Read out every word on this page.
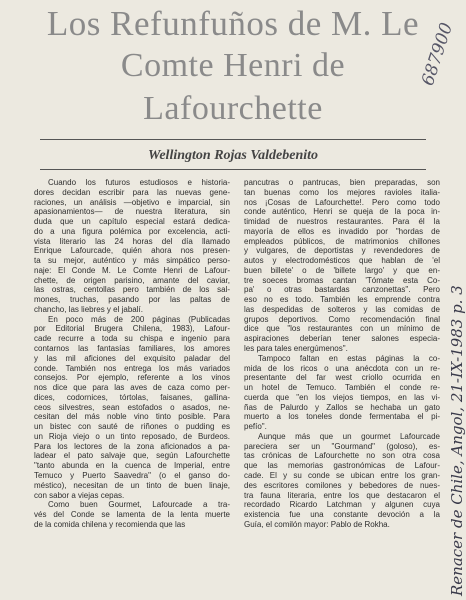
Los Refunfuños de M. Le
Comte Henri de
Lafourchette
Wellington Rojas Valdebenito
Cuando los futuros estudiosos e historia-
dores decidan escribir para las nuevas gene-
raciones, un análisis —objetivo e imparcial, sin
apasionamientos— de nuestra literatura, sin
duda que un capítulo especial estará dedica-
do a una figura polémica por excelencia, acti-
vista literario las 24 horas del día llamado
Enrique Lafourcade, quién ahora nos presen-
ta su mejor, auténtico y más simpático perso-
naje: El Conde M. Le Comte Henri de Lafour-
chette, de origen parisino, amante del caviar,
las ostras, centollas pero también de los sal-
mones, truchas, pasando por las paltas de
chancho, las liebres y el jabalí.
En poco más de 200 páginas (Publicadas
por Editorial Brugera Chilena, 1983), Lafour-
cade recurre a toda su chispa e ingenio para
contarnos las fantasías familiares, los amores
y las mil aficiones del exquisito paladar del
conde. También nos entrega los más variados
consejos. Por ejemplo, referente a los vinos
nos dice que para las aves de caza como per-
dices, codornices, tórtolas, faisanes, gallina-
ceos silvestres, sean estofados o asados, ne-
cesitan del más noble vino tinto posible. Para
un bistec con sauté de riñones o pudding es
un Rioja viejo o un tinto reposado, de Burdeos.
Para los lectores de la zona aficionados a pa-
ladear el pato salvaje que, según Lafourchette
"tanto abunda en la cuenca de Imperial, entre
Temuco y Puerto Saavedra" (o el ganso do-
méstico), necesitan de un tinto de buen linaje,
con sabor a viejas cepas.
Como buen Gourmet, Lafourcade a tra-
vés del Conde se lamenta de la lenta muerte
de la comida chilena y recomienda que las
pancutras o pantrucas, bien preparadas, son
tan buenas como los mejores ravioles italia-
nos ¡Cosas de Lafourchette!. Pero como todo
conde auténtico, Henri se queja de la poca in-
timidad de nuestros restaurantes. Para él la
mayoría de ellos es invadido por "hordas de
empleados públicos, de matrimonios chillones
y vulgares, de deportistas y revendedores de
autos y electrodomésticos que hablan de 'el
buen billete' o de 'billete largo' y que en-
tre soeces bromas cantan 'Tómate esta Co-
pa' o otras bastardas canzonettas". Pero
eso no es todo. También les emprende contra
las despedidas de solteros y las comidas de
grupos deportivos. Como recomendación final
dice que "los restaurantes con un mínimo de
aspiraciones deberían tener salones especia-
les para tales energúmenos".
Tampoco faltan en estas páginas la co-
mida de los ricos o una anécdota con un re-
presentante del far west criollo ocurrida en
un hotel de Temuco. También el conde re-
cuerda que "en los viejos tiempos, en las vi-
ñas de Palurdo y Zallos se hechaba un gato
muerto a los toneles donde fermentaba el pi-
pefío".
Aunque más que un gourmet Lafourcade
pareciera ser un "Gourmand" (goloso), es-
tas crónicas de Lafourchette no son otra cosa
que las memorias gastronómicas de Lafour-
cade. El y su conde se ubican entre los gran-
des escritores comilones y bebedores de nues-
tra fauna literaria, entre los que destacaron el
recordado Ricardo Latchman y algunen cuya
existencia fue una constante devoción a la
Guía, el comilón mayor: Pablo de Rokha.
687900
Renacer de Chile, Angol, 21-IX-1983 p. 3
